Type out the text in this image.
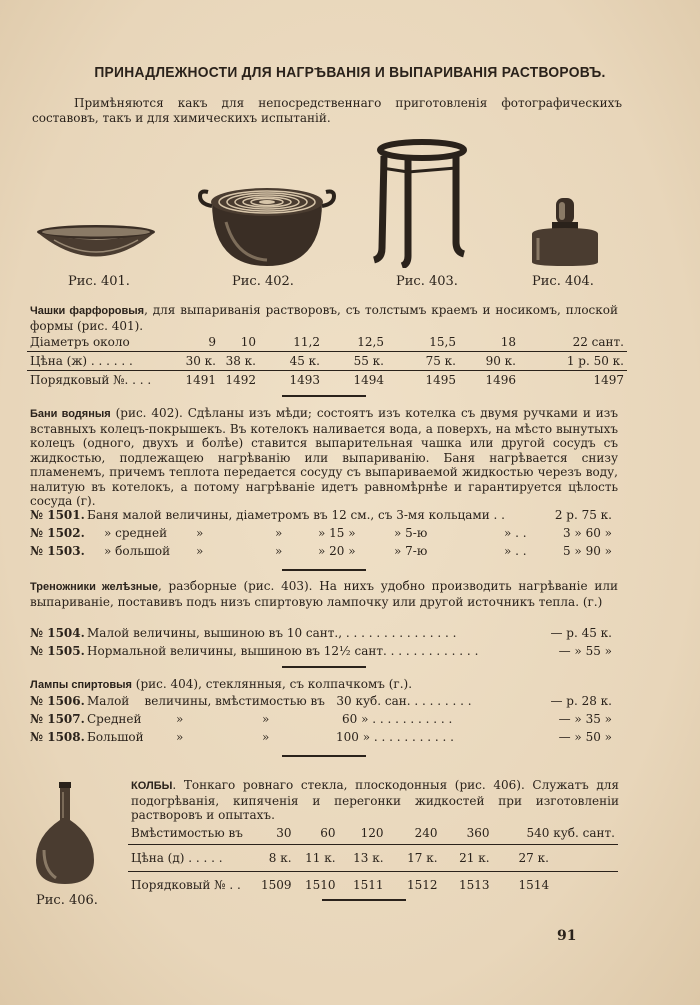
ПРИНАДЛЕЖНОСТИ ДЛЯ НАГРѢВАНІЯ И ВЫПАРИВАНІЯ РАСТВОРОВЪ.
Примѣняются какъ для непосредственнаго приготовленія фотографическихъ составовъ, такъ и для химическихъ испытаній.
Рис. 401.	Рис. 402.	Рис. 403.	Рис. 404.
Чашки фарфоровыя, для выпариванія растворовъ, съ толстымъ краемъ и носикомъ, плоской формы (рис. 401).
Діаметръ около	9	10	11,2	12,5	15,5	18	22 сант.
Цѣна (ж) . . . . . .	30 к.	38 к.	45 к.	55 к.	75 к.	90 к.	1 р. 50 к.
Порядковый №. . . .	1491	1492	1493	1494	1495	1496	1497
Бани водяныя (рис. 402). Сдѣланы изъ мѣди; состоятъ изъ котелка съ двумя ручками и изъ вставныхъ колецъ-покрышекъ. Въ котелокъ наливается вода, а поверхъ, на мѣсто вынутыхъ колецъ (одного, двухъ и болѣе) ставится выпарительная чашка или другой сосудъ съ жидкостью, подлежащею нагрѣванію или выпариванію. Баня нагрѣвается снизу пламенемъ, причемъ теплота передается сосуду съ выпариваемой жидкостью черезъ воду, налитую въ котелокъ, а потому нагрѣваніе идетъ равномѣрнѣе и гарантируется цѣлость сосуда (г).
№ 1501. Баня малой величины, діаметромъ въ 12 см., съ 3-мя кольцами . .	2 р. 75 к.
№ 1502. » средней »	»	» 15 »	» 5-ю	» . .	3 » 60 »
№ 1503. » большой »	»	» 20 »	» 7-ю	» . .	5 » 90 »
Треножники желѣзные, разборные (рис. 403). На нихъ удобно производить нагрѣваніе или выпариваніе, поставивъ подъ низъ спиртовую лампочку или другой источникъ тепла. (г.)
№ 1504. Малой величины, вышиною въ 10 сант., . . . . . . . . . . . . . . .	— р. 45 к.
№ 1505. Нормальной величины, вышиною въ 12½ сант. . . . . . . . . . . . .	— » 55 »
Лампы спиртовыя (рис. 404), стеклянныя, съ колпачкомъ (г.).
№ 1506. Малой    величины, вмѣстимостью въ   30 куб. сан. . . . . . . . .	— р. 28 к.
№ 1507. Средней	»	»	60 » . . . . . . . . . . .	— » 35 »
№ 1508. Большой	»	»	100 » . . . . . . . . . . .	— » 50 »
Рис. 406.
КОЛБЫ. Тонкаго ровнаго стекла, плоскодонныя (рис. 406). Служатъ для подогрѣванія, кипяченія и перегонки жидкостей при изготовленіи растворовъ и опытахъ.
Вмѣстимостью въ	30	60	120	240	360	540 куб. сант.
Цѣна (д) . . . . .	8 к.	11 к.	13 к.	17 к.	21 к.	27 к.
Порядковый № . .	1509	1510	1511	1512	1513	1514
91
